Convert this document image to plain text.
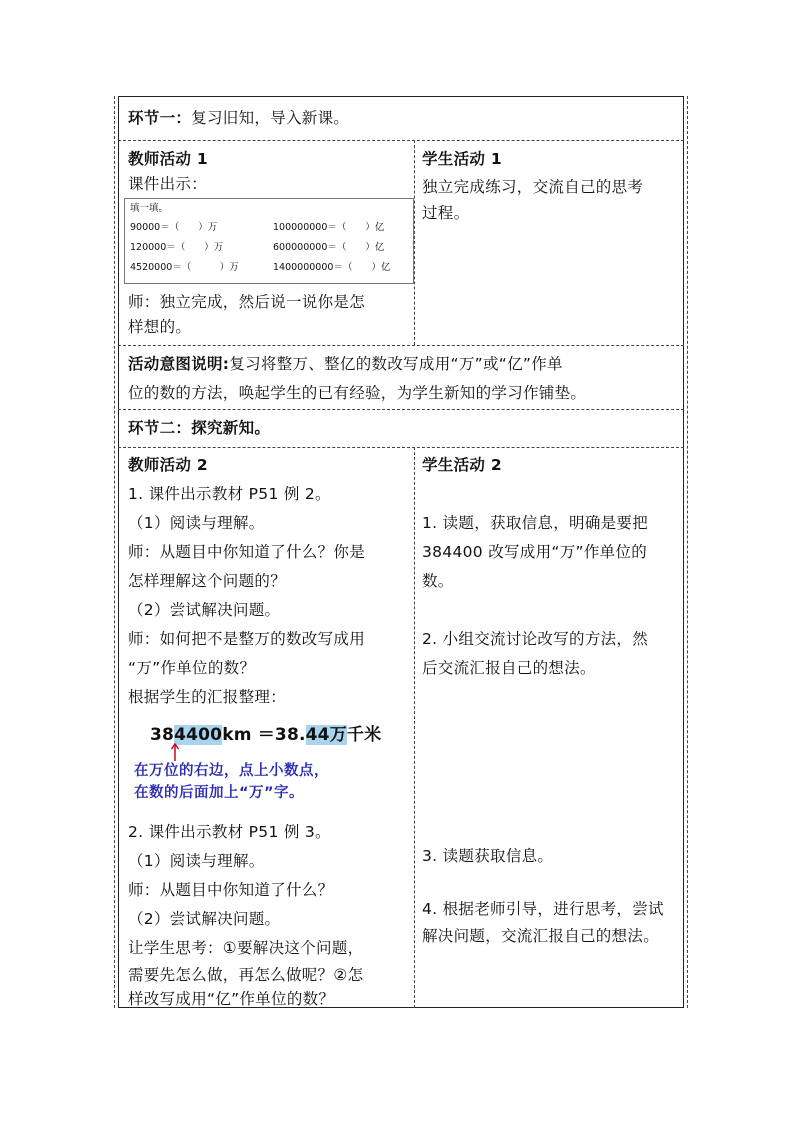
环节一：复习旧知，导入新课。
教师活动 1
课件出示：
填一填。
90000＝（　　）万	100000000＝（　　）亿
120000＝（　　）万	600000000＝（　　）亿
4520000＝（　　　）万	1400000000＝（　　）亿
师：独立完成，然后说一说你是怎
样想的。
学生活动 1
独立完成练习，交流自己的思考
过程。
活动意图说明:复习将整万、整亿的数改写成用“万”或“亿”作单
位的数的方法，唤起学生的已有经验，为学生新知的学习作铺垫。
环节二：探究新知。
教师活动 2
1. 课件出示教材 P51 例 2。
（1）阅读与理解。
师：从题目中你知道了什么？你是
怎样理解这个问题的？
（2）尝试解决问题。
师：如何把不是整万的数改写成用
“万”作单位的数？
根据学生的汇报整理：
384400km ＝38.44万千米
在万位的右边，点上小数点，
在数的后面加上“万”字。
2. 课件出示教材 P51 例 3。
（1）阅读与理解。
师：从题目中你知道了什么？
（2）尝试解决问题。
让学生思考：①要解决这个问题，
需要先怎么做，再怎么做呢？②怎
样改写成用“亿”作单位的数？
学生活动 2
1. 读题，获取信息，明确是要把
384400 改写成用“万”作单位的
数。
2. 小组交流讨论改写的方法，然
后交流汇报自己的想法。
3. 读题获取信息。
4. 根据老师引导，进行思考，尝试
解决问题，交流汇报自己的想法。
